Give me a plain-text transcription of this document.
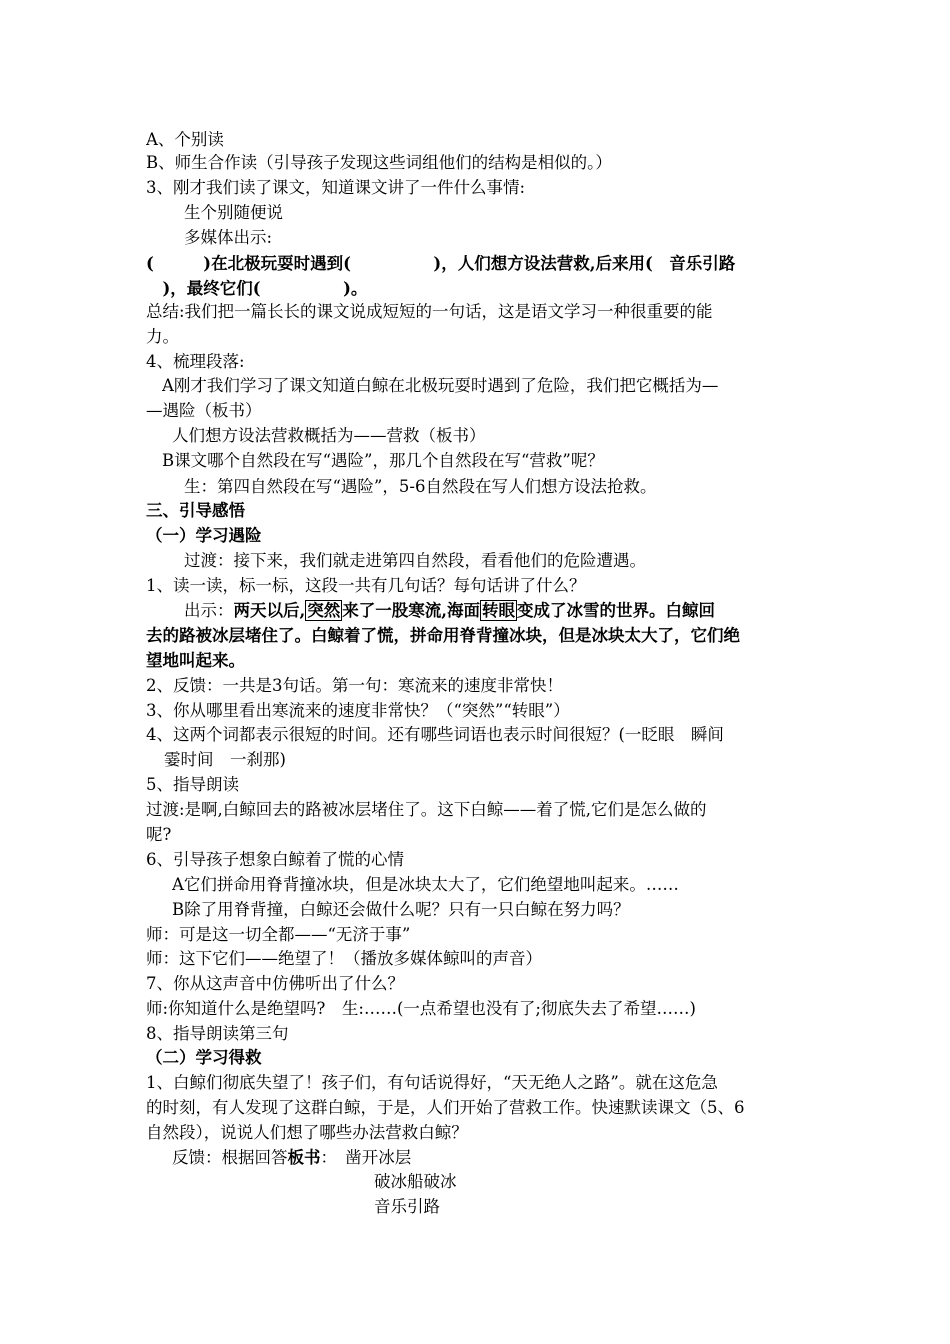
A、个别读
B、师生合作读（引导孩子发现这些词组他们的结构是相似的。）
3、刚才我们读了课文，知道课文讲了一件什么事情:
生个别随便说
多媒体出示:
(　　　)在北极玩耍时遇到(　　　　　)，人们想方设法营救,后来用(　音乐引路
　)，最终它们(　　　　　)。
总结:我们把一篇长长的课文说成短短的一句话，这是语文学习一种很重要的能
力。
4、梳理段落:
A刚才我们学习了课文知道白鲸在北极玩耍时遇到了危险，我们把它概括为—
—遇险（板书）
人们想方设法营救概括为——营救（板书）
B课文哪个自然段在写“遇险”，那几个自然段在写“营救”呢？
生：第四自然段在写“遇险”，5-6自然段在写人们想方设法抢救。
三、引导感悟
（一）学习遇险
过渡：接下来，我们就走进第四自然段，看看他们的危险遭遇。
1、读一读，标一标，这段一共有几句话？每句话讲了什么？
出示：两天以后, 突然 来了一股寒流,海面 转眼 变成了冰雪的世界。白鲸回
去的路被冰层堵住了。白鲸着了慌，拼命用脊背撞冰块，但是冰块太大了，它们绝
望地叫起来。
2、反馈：一共是3句话。第一句：寒流来的速度非常快！
3、你从哪里看出寒流来的速度非常快？（“突然”“转眼”）
4、这两个词都表示很短的时间。还有哪些词语也表示时间很短？(一眨眼　瞬间
霎时间　一刹那)
5、指导朗读
过渡:是啊,白鲸回去的路被冰层堵住了。这下白鲸——着了慌,它们是怎么做的
呢?
6、引导孩子想象白鲸着了慌的心情
A它们拼命用脊背撞冰块，但是冰块太大了，它们绝望地叫起来。……
B除了用脊背撞，白鲸还会做什么呢？只有一只白鲸在努力吗？
师：可是这一切全都——“无济于事”
师：这下它们——绝望了！（播放多媒体鲸叫的声音）
7、你从这声音中仿佛听出了什么？
师:你知道什么是绝望吗?　生:……(一点希望也没有了;彻底失去了希望……)
8、指导朗读第三句
（二）学习得救
1、白鲸们彻底失望了！孩子们，有句话说得好，“天无绝人之路”。就在这危急
的时刻，有人发现了这群白鲸，于是，人们开始了营救工作。快速默读课文（5、6
自然段），说说人们想了哪些办法营救白鲸？
反馈：根据回答板书：　凿开冰层
破冰船破冰
音乐引路
